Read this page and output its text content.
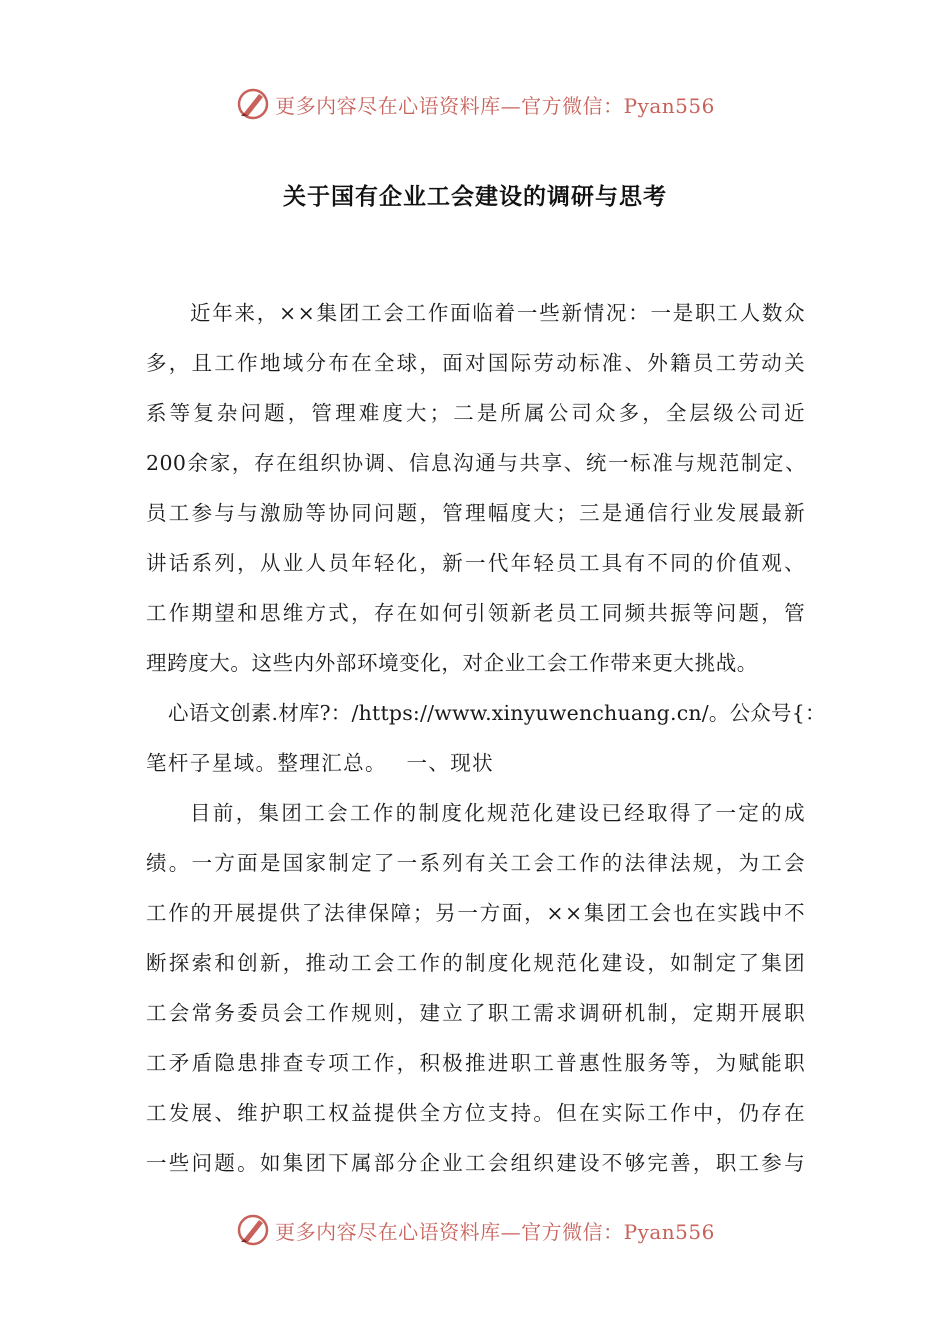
更多内容尽在心语资料库—官方微信：Pyan556
关于国有企业工会建设的调研与思考
近年来，××集团工会工作面临着一些新情况：一是职工人数众
多，且工作地域分布在全球，面对国际劳动标准、外籍员工劳动关
系等复杂问题，管理难度大；二是所属公司众多，全层级公司近
200余家，存在组织协调、信息沟通与共享、统一标准与规范制定、
员工参与与激励等协同问题，管理幅度大；三是通信行业发展最新
讲话系列，从业人员年轻化，新一代年轻员工具有不同的价值观、
工作期望和思维方式，存在如何引领新老员工同频共振等问题，管
理跨度大。这些内外部环境变化，对企业工会工作带来更大挑战。
心语文创素.材库?：/https://www.xinyuwenchuang.cn/。公众号{：
笔杆子星域。整理汇总。　 一、现状
目前，集团工会工作的制度化规范化建设已经取得了一定的成
绩。一方面是国家制定了一系列有关工会工作的法律法规，为工会
工作的开展提供了法律保障；另一方面，××集团工会也在实践中不
断探索和创新，推动工会工作的制度化规范化建设，如制定了集团
工会常务委员会工作规则，建立了职工需求调研机制，定期开展职
工矛盾隐患排查专项工作，积极推进职工普惠性服务等，为赋能职
工发展、维护职工权益提供全方位支持。但在实际工作中，仍存在
一些问题。如集团下属部分企业工会组织建设不够完善，职工参与
更多内容尽在心语资料库—官方微信：Pyan556
